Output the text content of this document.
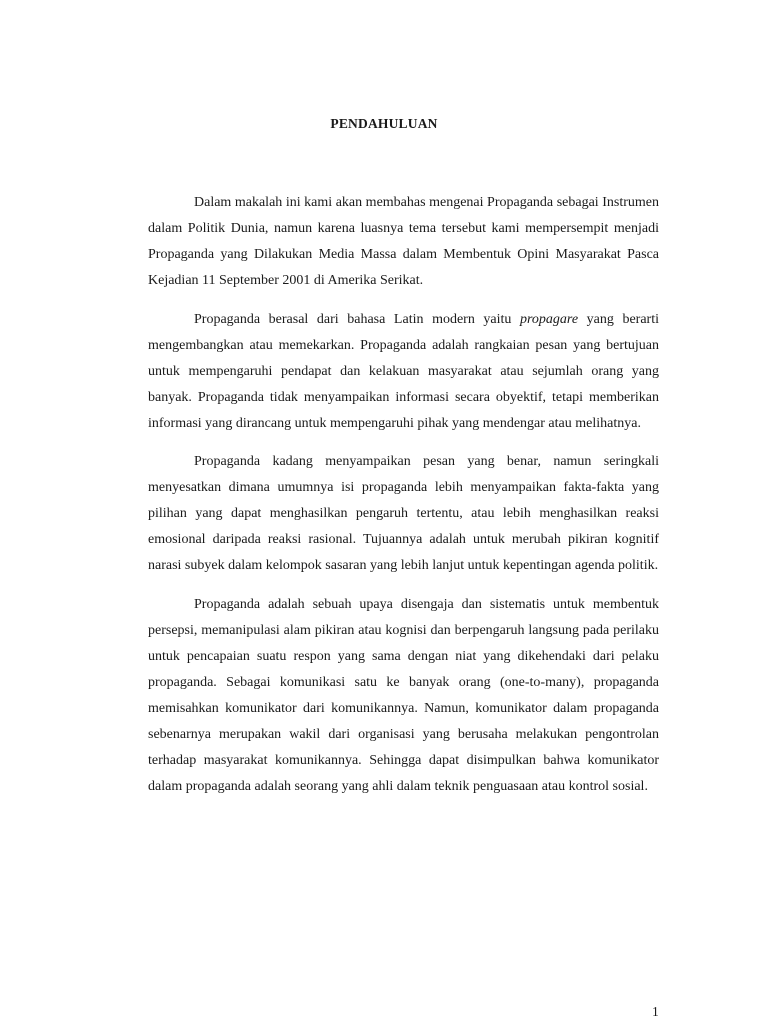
PENDAHULUAN

Dalam makalah ini kami akan membahas mengenai Propaganda sebagai Instrumen dalam Politik Dunia, namun karena luasnya tema tersebut kami mempersempit menjadi Propaganda yang Dilakukan Media Massa dalam Membentuk Opini Masyarakat Pasca Kejadian 11 September 2001 di Amerika Serikat.

Propaganda berasal dari bahasa Latin modern yaitu propagare yang berarti mengembangkan atau memekarkan. Propaganda adalah rangkaian pesan yang bertujuan untuk mempengaruhi pendapat dan kelakuan masyarakat atau sejumlah orang yang banyak. Propaganda tidak menyampaikan informasi secara obyektif, tetapi memberikan informasi yang dirancang untuk mempengaruhi pihak yang mendengar atau melihatnya.

Propaganda kadang menyampaikan pesan yang benar, namun seringkali menyesatkan dimana umumnya isi propaganda lebih menyampaikan fakta-fakta yang pilihan yang dapat menghasilkan pengaruh tertentu, atau lebih menghasilkan reaksi emosional daripada reaksi rasional. Tujuannya adalah untuk merubah pikiran kognitif narasi subyek dalam kelompok sasaran yang lebih lanjut untuk kepentingan agenda politik.

Propaganda adalah sebuah upaya disengaja dan sistematis untuk membentuk persepsi, memanipulasi alam pikiran atau kognisi dan berpengaruh langsung pada perilaku untuk pencapaian suatu respon yang sama dengan niat yang dikehendaki dari pelaku propaganda. Sebagai komunikasi satu ke banyak orang (one-to-many), propaganda memisahkan komunikator dari komunikannya. Namun, komunikator dalam propaganda sebenarnya merupakan wakil dari organisasi yang berusaha melakukan pengontrolan terhadap masyarakat komunikannya. Sehingga dapat disimpulkan bahwa komunikator dalam propaganda adalah seorang yang ahli dalam teknik penguasaan atau kontrol sosial.

1
